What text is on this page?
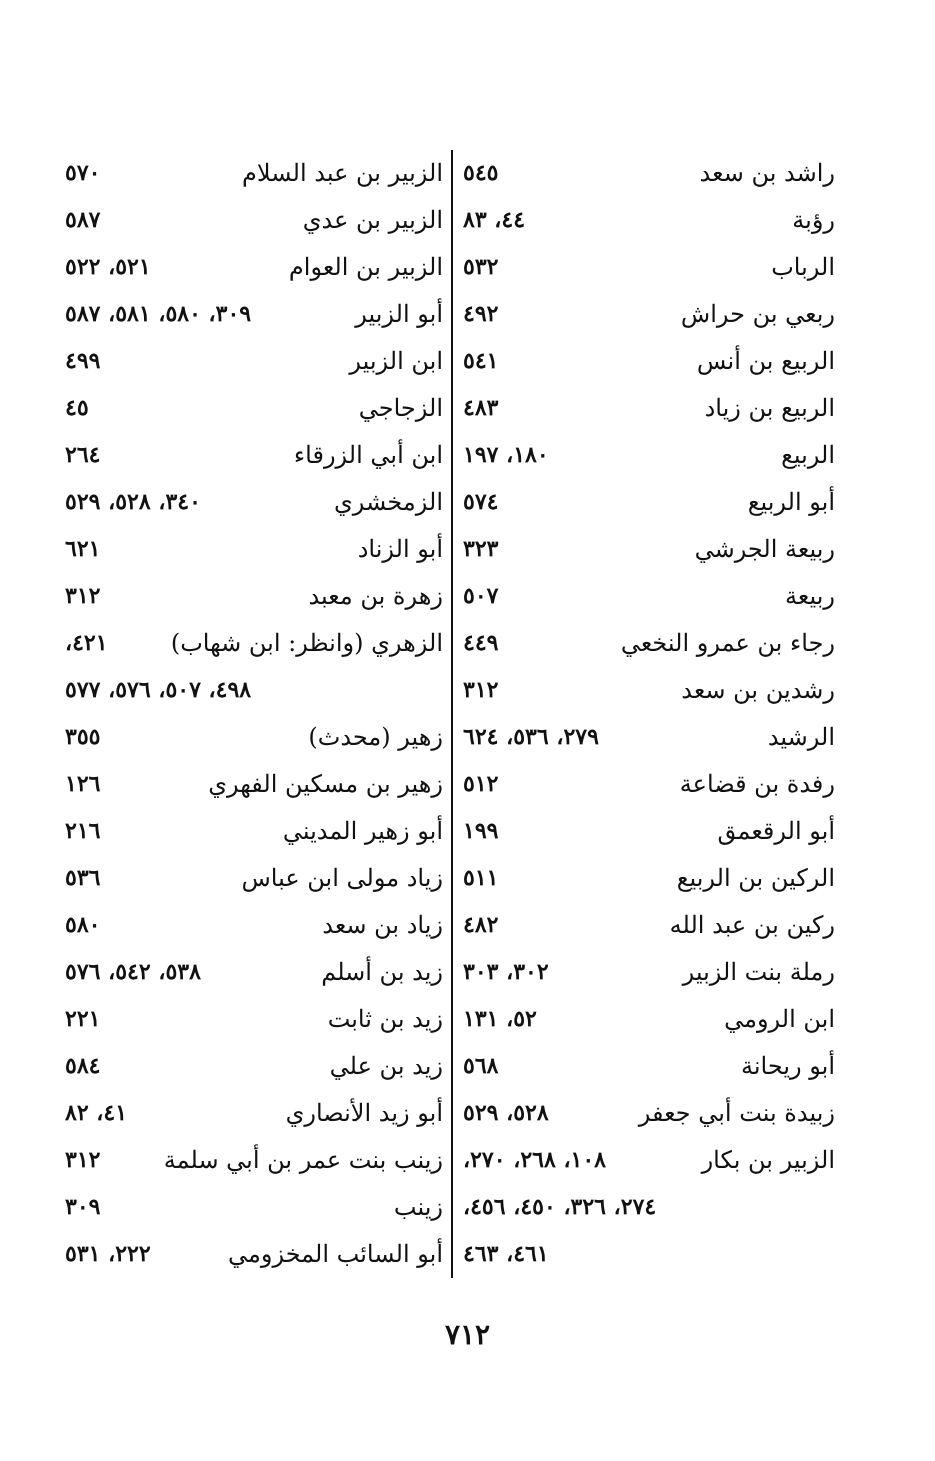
راشد بن سعد
٥٤٥
رؤبة
٤٤، ٨٣
الرباب
٥٣٢
ربعي بن حراش
٤٩٢
الربيع بن أنس
٥٤١
الربيع بن زياد
٤٨٣
الربيع
١٨٠، ١٩٧
أبو الربيع
٥٧٤
ربيعة الجرشي
٣٢٣
ربيعة
٥٠٧
رجاء بن عمرو النخعي
٤٤٩
رشدين بن سعد
٣١٢
الرشيد
٢٧٩، ٥٣٦، ٦٢٤
رفدة بن قضاعة
٥١٢
أبو الرقعمق
١٩٩
الركين بن الربيع
٥١١
ركين بن عبد الله
٤٨٢
رملة بنت الزبير
٣٠٢، ٣٠٣
ابن الرومي
٥٢، ١٣١
أبو ريحانة
٥٦٨
زبيدة بنت أبي جعفر
٥٢٨، ٥٢٩
الزبير بن بكار
١٠٨، ٢٦٨، ٢٧٠،
٢٧٤، ٣٢٦، ٤٥٠، ٤٥٦،
٤٦١، ٤٦٣
الزبير بن عبد السلام
٥٧٠
الزبير بن عدي
٥٨٧
الزبير بن العوام
٥٢١، ٥٢٢
أبو الزبير
٣٠٩، ٥٨٠، ٥٨١، ٥٨٧
ابن الزبير
٤٩٩
الزجاجي
٤٥
ابن أبي الزرقاء
٢٦٤
الزمخشري
٣٤٠، ٥٢٨، ٥٢٩
أبو الزناد
٦٢١
زهرة بن معبد
٣١٢
الزهري (وانظر: ابن شهاب)
٤٢١،
٤٩٨، ٥٠٧، ٥٧٦، ٥٧٧
زهير (محدث)
٣٥٥
زهير بن مسكين الفهري
١٢٦
أبو زهير المديني
٢١٦
زياد مولى ابن عباس
٥٣٦
زياد بن سعد
٥٨٠
زيد بن أسلم
٥٣٨، ٥٤٢، ٥٧٦
زيد بن ثابت
٢٢١
زيد بن علي
٥٨٤
أبو زيد الأنصاري
٤١، ٨٢
زينب بنت عمر بن أبي سلمة
٣١٢
زينب
٣٠٩
أبو السائب المخزومي
٢٢٢، ٥٣١
٧١٢
